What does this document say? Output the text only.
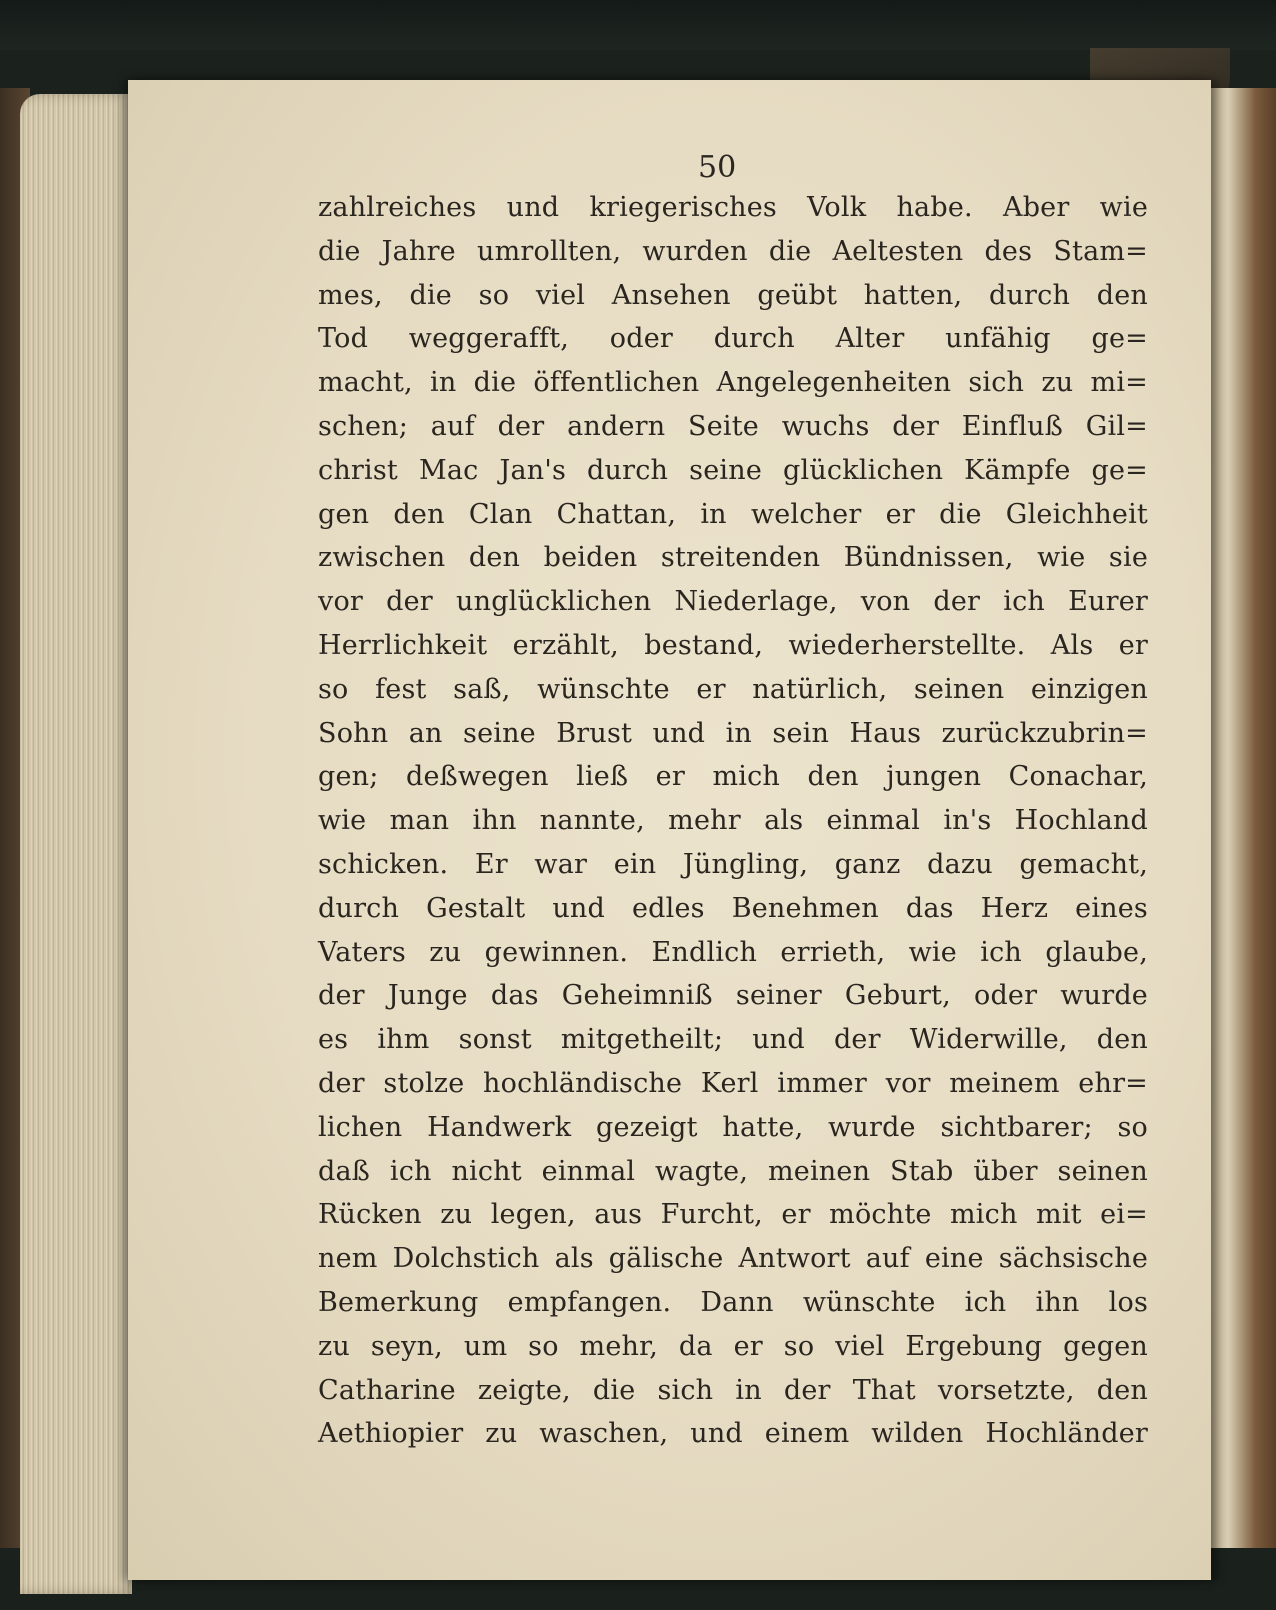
50
zahlreiches und kriegerisches Volk habe. Aber wie
die Jahre umrollten, wurden die Aeltesten des Stam=
mes, die so viel Ansehen geübt hatten, durch den
Tod weggerafft, oder durch Alter unfähig ge=
macht, in die öffentlichen Angelegenheiten sich zu mi=
schen; auf der andern Seite wuchs der Einfluß Gil=
christ Mac Jan's durch seine glücklichen Kämpfe ge=
gen den Clan Chattan, in welcher er die Gleichheit
zwischen den beiden streitenden Bündnissen, wie sie
vor der unglücklichen Niederlage, von der ich Eurer
Herrlichkeit erzählt, bestand, wiederherstellte. Als er
so fest saß, wünschte er natürlich, seinen einzigen
Sohn an seine Brust und in sein Haus zurückzubrin=
gen; deßwegen ließ er mich den jungen Conachar,
wie man ihn nannte, mehr als einmal in's Hochland
schicken. Er war ein Jüngling, ganz dazu gemacht,
durch Gestalt und edles Benehmen das Herz eines
Vaters zu gewinnen. Endlich errieth, wie ich glaube,
der Junge das Geheimniß seiner Geburt, oder wurde
es ihm sonst mitgetheilt; und der Widerwille, den
der stolze hochländische Kerl immer vor meinem ehr=
lichen Handwerk gezeigt hatte, wurde sichtbarer; so
daß ich nicht einmal wagte, meinen Stab über seinen
Rücken zu legen, aus Furcht, er möchte mich mit ei=
nem Dolchstich als gälische Antwort auf eine sächsische
Bemerkung empfangen. Dann wünschte ich ihn los
zu seyn, um so mehr, da er so viel Ergebung gegen
Catharine zeigte, die sich in der That vorsetzte, den
Aethiopier zu waschen, und einem wilden Hochländer
